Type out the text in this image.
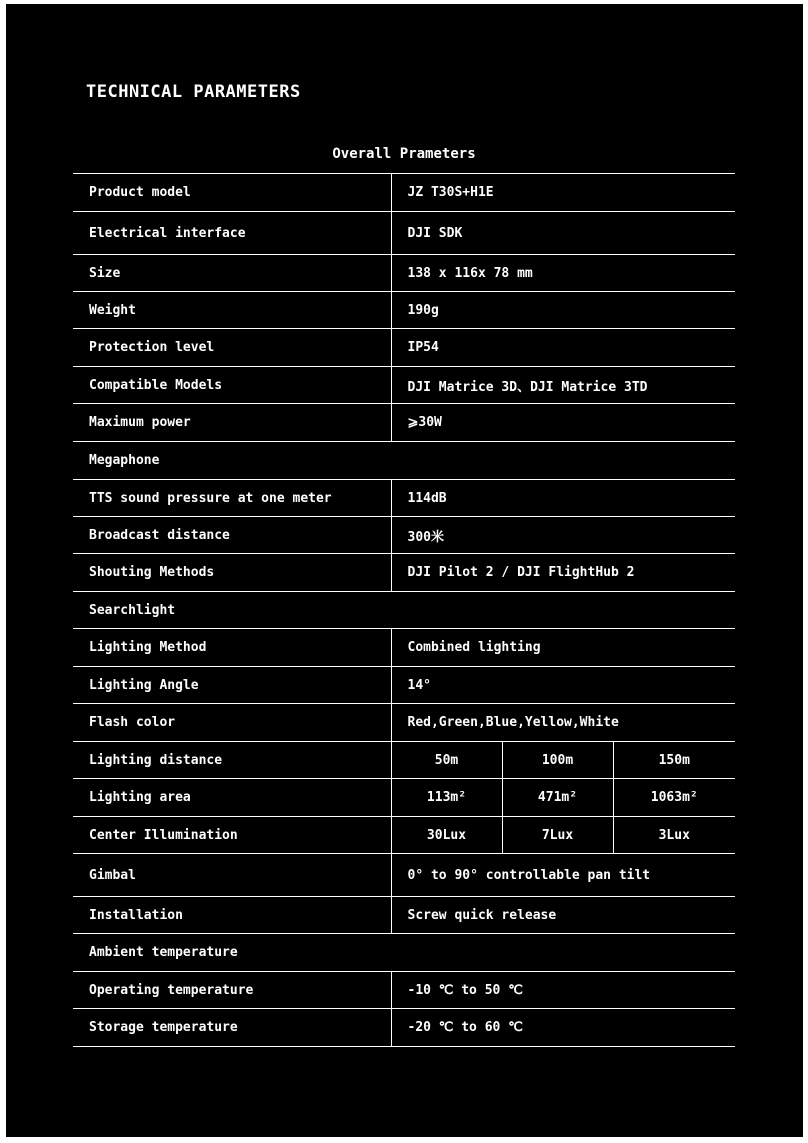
TECHNICAL PARAMETERS
Overall Prameters
Product model	JZ T30S+H1E		
Electrical interface	DJI SDK		
Size	138 x 116x 78 mm		
Weight	190g		
Protection level	IP54		
Compatible Models	DJI Matrice 3D、DJI Matrice 3TD		
Maximum power	⩾30W		
Megaphone			
TTS sound pressure at one meter	114dB		
Broadcast distance	300米		
Shouting Methods	DJI Pilot 2 / DJI FlightHub 2		
Searchlight			
Lighting Method	Combined lighting		
Lighting Angle	14°		
Flash color	Red,Green,Blue,Yellow,White		
Lighting distance	50m	100m	150m
Lighting area	113m²	471m²	1063m²
Center Illumination	30Lux	7Lux	3Lux
Gimbal	0° to 90° controllable pan tilt		
Installation	Screw quick release		
Ambient temperature			
Operating temperature	-10 ℃ to 50 ℃		
Storage temperature	-20 ℃ to 60 ℃		
